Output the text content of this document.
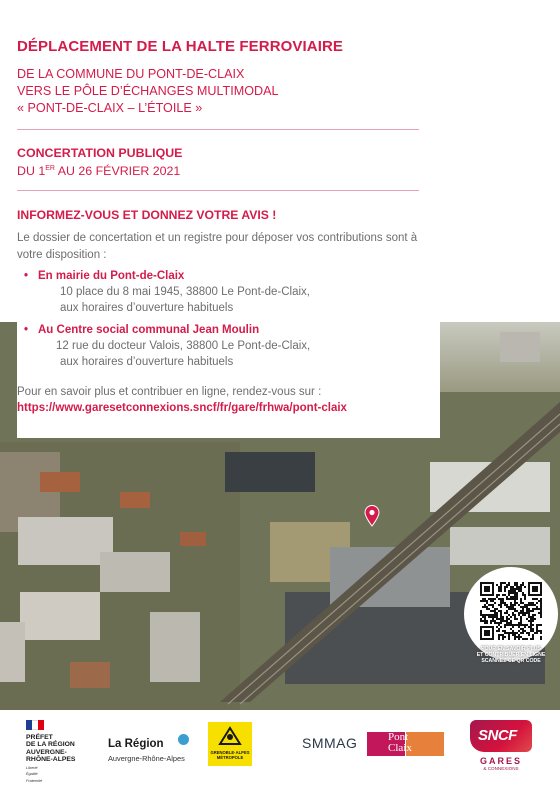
DÉPLACEMENT DE LA HALTE FERROVIAIRE
DE LA COMMUNE DU PONT-DE-CLAIX
VERS LE PÔLE D’ÉCHANGES MULTIMODAL
« PONT-DE-CLAIX – L’ÉTOILE »
CONCERTATION PUBLIQUE
DU 1ER AU 26 FÉVRIER 2021
INFORMEZ-VOUS ET DONNEZ VOTRE AVIS !
Le dossier de concertation et un registre pour déposer vos contributions sont à votre disposition :
• En mairie du Pont-de-Claix
10 place du 8 mai 1945, 38800 Le Pont-de-Claix,
aux horaires d’ouverture habituels
• Au Centre social communal Jean Moulin
12 rue du docteur Valois, 38800 Le Pont-de-Claix,
aux horaires d’ouverture habituels
Pour en savoir plus et contribuer en ligne, rendez-vous sur :
https://www.garesetconnexions.sncf/fr/gare/frhwa/pont-claix
POUR EN SAVOIR PLUS
ET CONTRIBUER EN LIGNE
SCANNEZ CE QR CODE
PRÉFET
DE LA RÉGION
AUVERGNE-
RHÔNE-ALPES
Liberté
Égalité
Fraternité
La Région
Auvergne-Rhône-Alpes
GRENOBLE·ALPES
MÉTROPOLE
SMMAG	Pont
Claix
SNCF
GARES
& CONNEXIONS
